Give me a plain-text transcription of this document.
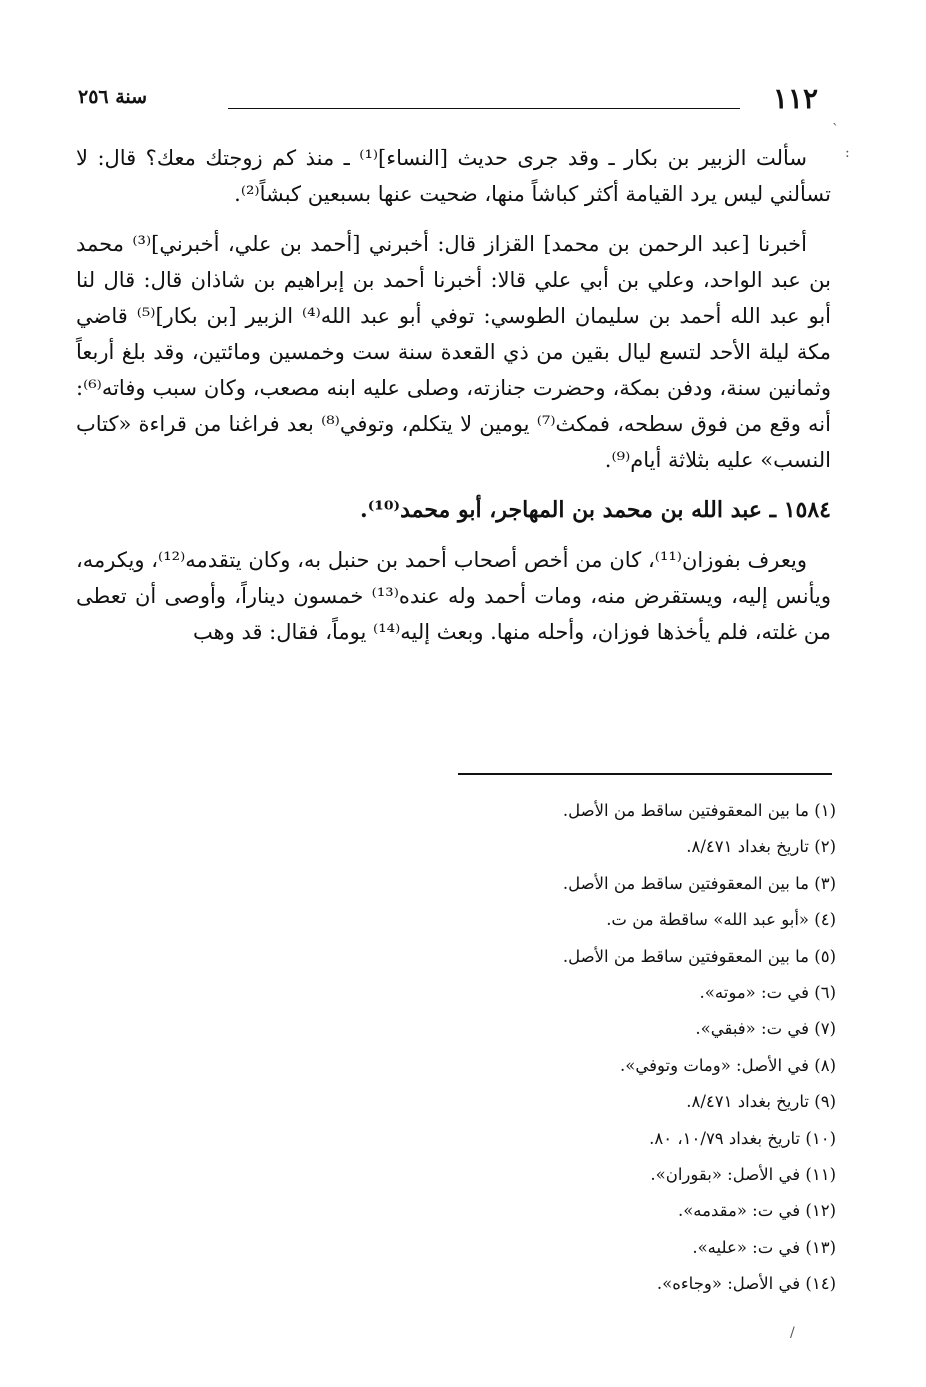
١١٢
سنة ٢٥٦

سألت الزبير بن بكار ـ وقد جرى حديث [النساء]⁽¹⁾ ـ منذ كم زوجتك معك؟ قال: لا تسألني ليس يرد القيامة أكثر كباشاً منها، ضحيت عنها بسبعين كبشاً⁽²⁾.

أخبرنا [عبد الرحمن بن محمد] القزاز قال: أخبرني [أحمد بن علي، أخبرني]⁽³⁾ محمد بن عبد الواحد، وعلي بن أبي علي قالا: أخبرنا أحمد بن إبراهيم بن شاذان قال: قال لنا أبو عبد الله أحمد بن سليمان الطوسي: توفي أبو عبد الله⁽⁴⁾ الزبير [بن بكار]⁽⁵⁾ قاضي مكة ليلة الأحد لتسع ليال بقين من ذي القعدة سنة ست وخمسين ومائتين، وقد بلغ أربعاً وثمانين سنة، ودفن بمكة، وحضرت جنازته، وصلى عليه ابنه مصعب، وكان سبب وفاته⁽⁶⁾: أنه وقع من فوق سطحه، فمكث⁽⁷⁾ يومين لا يتكلم، وتوفي⁽⁸⁾ بعد فراغنا من قراءة «كتاب النسب» عليه بثلاثة أيام⁽⁹⁾.

١٥٨٤ ـ عبد الله بن محمد بن المهاجر، أبو محمد⁽¹⁰⁾.

ويعرف بفوزان⁽¹¹⁾، كان من أخص أصحاب أحمد بن حنبل به، وكان يتقدمه⁽¹²⁾، ويكرمه، ويأنس إليه، ويستقرض منه، ومات أحمد وله عنده⁽¹³⁾ خمسون ديناراً، وأوصى أن تعطى من غلته، فلم يأخذها فوزان، وأحله منها. وبعث إليه⁽¹⁴⁾ يوماً، فقال: قد وهب

(١) ما بين المعقوفتين ساقط من الأصل.
(٢) تاريخ بغداد ٨/٤٧١.
(٣) ما بين المعقوفتين ساقط من الأصل.
(٤) «أبو عبد الله» ساقطة من ت.
(٥) ما بين المعقوفتين ساقط من الأصل.
(٦) في ت: «موته».
(٧) في ت: «فبقي».
(٨) في الأصل: «ومات وتوفي».
(٩) تاريخ بغداد ٨/٤٧١.
(١٠) تاريخ بغداد ١٠/٧٩، ٨٠.
(١١) في الأصل: «بقوران».
(١٢) في ت: «مقدمه».
(١٣) في ت: «عليه».
(١٤) في الأصل: «وجاءه».
`
:
/
